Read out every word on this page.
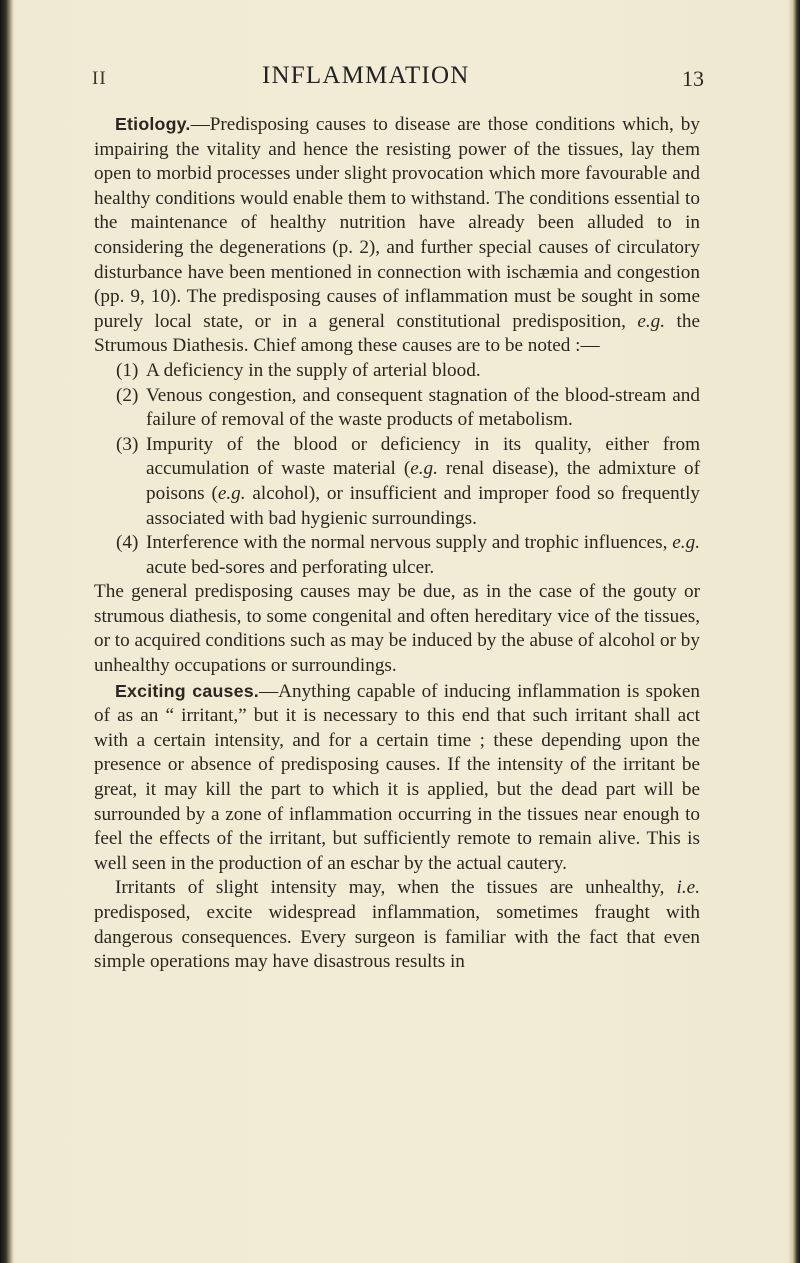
II	INFLAMMATION	13

Etiology.—Predisposing causes to disease are those conditions which, by impairing the vitality and hence the resisting power of the tissues, lay them open to morbid processes under slight provocation which more favourable and healthy conditions would enable them to withstand. The conditions essential to the maintenance of healthy nutrition have already been alluded to in considering the degenerations (p. 2), and further special causes of circulatory disturbance have been mentioned in connection with ischæmia and congestion (pp. 9, 10). The predisposing causes of inflammation must be sought in some purely local state, or in a general constitutional predisposition, e.g. the Strumous Diathesis. Chief among these causes are to be noted :—

(1) A deficiency in the supply of arterial blood.
(2) Venous congestion, and consequent stagnation of the blood-stream and failure of removal of the waste products of metabolism.
(3) Impurity of the blood or deficiency in its quality, either from accumulation of waste material (e.g. renal disease), the admixture of poisons (e.g. alcohol), or insufficient and improper food so frequently associated with bad hygienic surroundings.
(4) Interference with the normal nervous supply and trophic influences, e.g. acute bed-sores and perforating ulcer.

The general predisposing causes may be due, as in the case of the gouty or strumous diathesis, to some congenital and often hereditary vice of the tissues, or to acquired conditions such as may be induced by the abuse of alcohol or by unhealthy occupations or surroundings.

Exciting causes.—Anything capable of inducing inflammation is spoken of as an “ irritant,” but it is necessary to this end that such irritant shall act with a certain intensity, and for a certain time ; these depending upon the presence or absence of predisposing causes. If the intensity of the irritant be great, it may kill the part to which it is applied, but the dead part will be surrounded by a zone of inflammation occurring in the tissues near enough to feel the effects of the irritant, but sufficiently remote to remain alive. This is well seen in the production of an eschar by the actual cautery.

Irritants of slight intensity may, when the tissues are unhealthy, i.e. predisposed, excite widespread inflammation, sometimes fraught with dangerous consequences. Every surgeon is familiar with the fact that even simple operations may have disastrous results in
